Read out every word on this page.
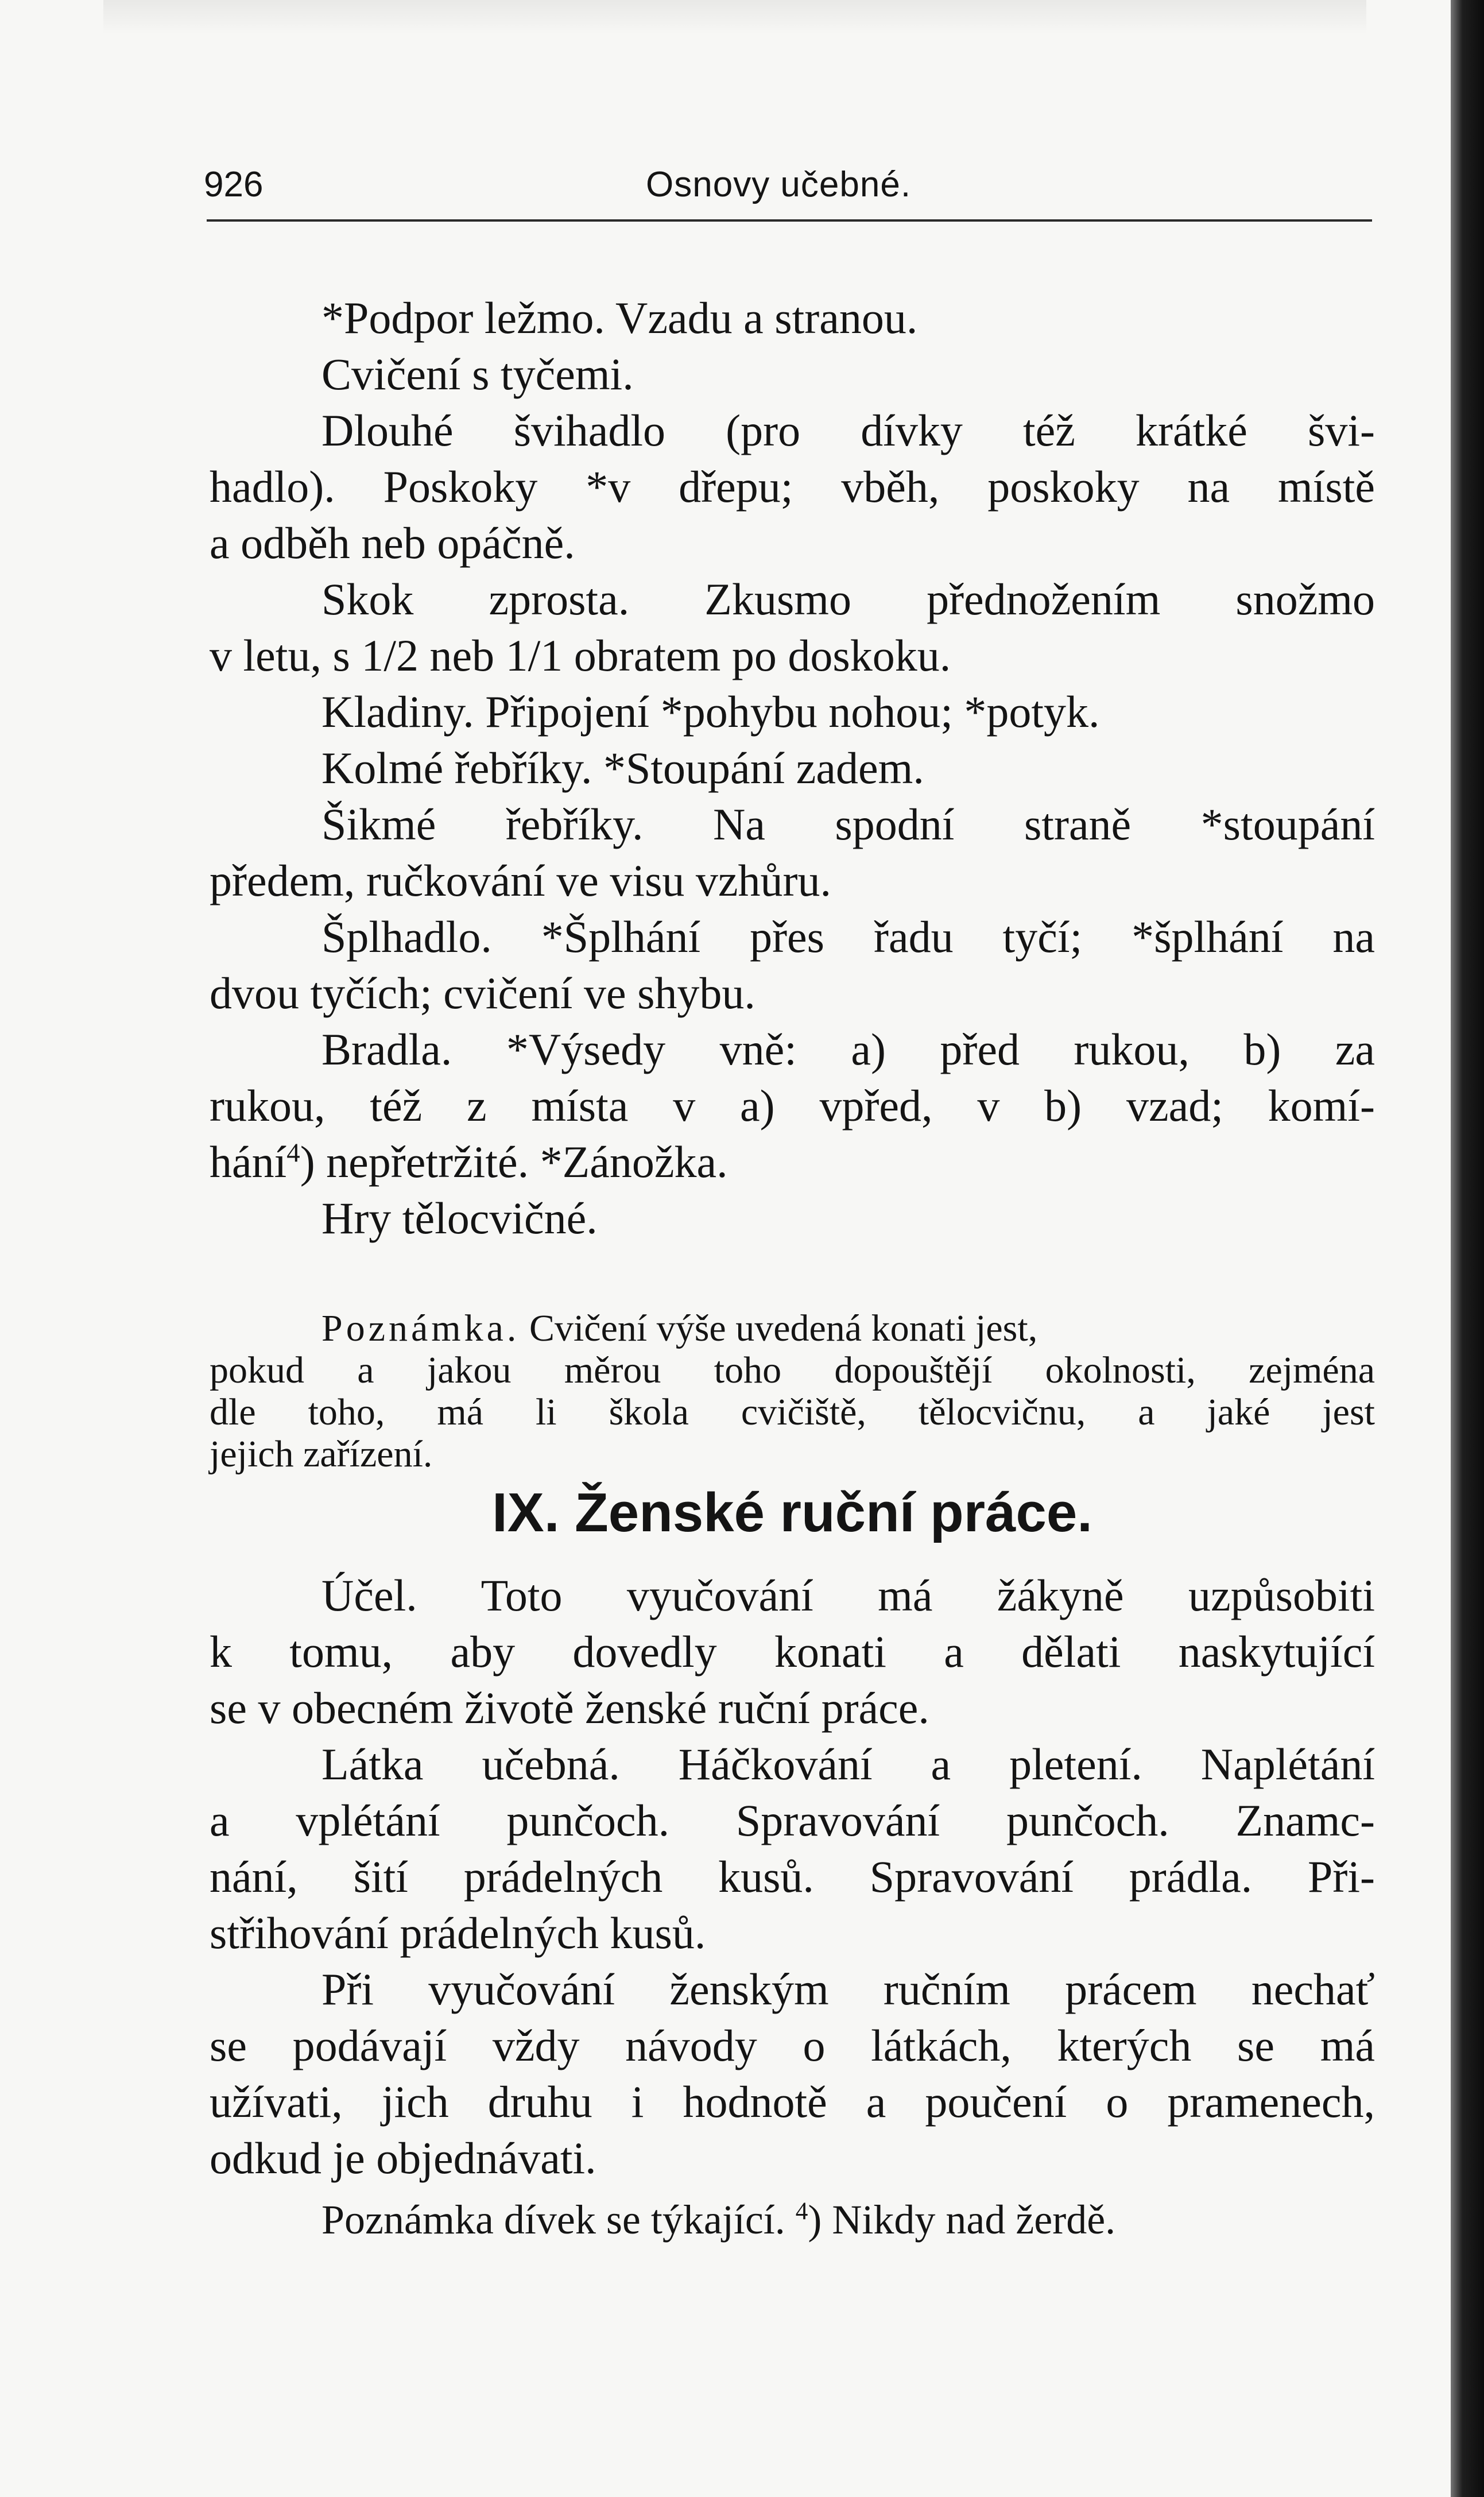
926	Osnovy učebné.
*Podpor ležmo. Vzadu a stranou.
Cvičení s tyčemi.
Dlouhé švihadlo (pro dívky též krátké švi-
hadlo). Poskoky *v dřepu; vběh, poskoky na místě
a odběh neb opáčně.
Skok zprosta. Zkusmo přednožením snožmo
v letu, s 1/2 neb 1/1 obratem po doskoku.
Kladiny. Připojení *pohybu nohou; *potyk.
Kolmé řebříky. *Stoupání zadem.
Šikmé řebříky. Na spodní straně *stoupání
předem, ručkování ve visu vzhůru.
Šplhadlo. *Šplhání přes řadu tyčí; *šplhání na
dvou tyčích; cvičení ve shybu.
Bradla. *Výsedy vně: a) před rukou, b) za
rukou, též z místa v a) vpřed, v b) vzad; komí-
hání$^4$) nepřetržité. *Zánožka.
Hry tělocvičné.
Poznámka. Cvičení výše uvedená konati jest,
pokud a jakou měrou toho dopouštějí okolnosti, zejména
dle toho, má li škola cvičiště, tělocvičnu, a jaké jest
jejich zařízení.
IX. Ženské ruční práce.
Účel. Toto vyučování má žákyně uzpůsobiti
k tomu, aby dovedly konati a dělati naskytující
se v obecném životě ženské ruční práce.
Látka učebná. Háčkování a pletení. Naplétání
a vplétání punčoch. Spravování punčoch. Znamc-
nání, šití prádelných kusů. Spravování prádla. Při-
střihování prádelných kusů.
Při vyučování ženským ručním prácem nechať
se podávají vždy návody o látkách, kterých se má
užívati, jich druhu i hodnotě a poučení o pramenech,
odkud je objednávati.
Poznámka dívek se týkající. $^4$) Nikdy nad žerdě.
